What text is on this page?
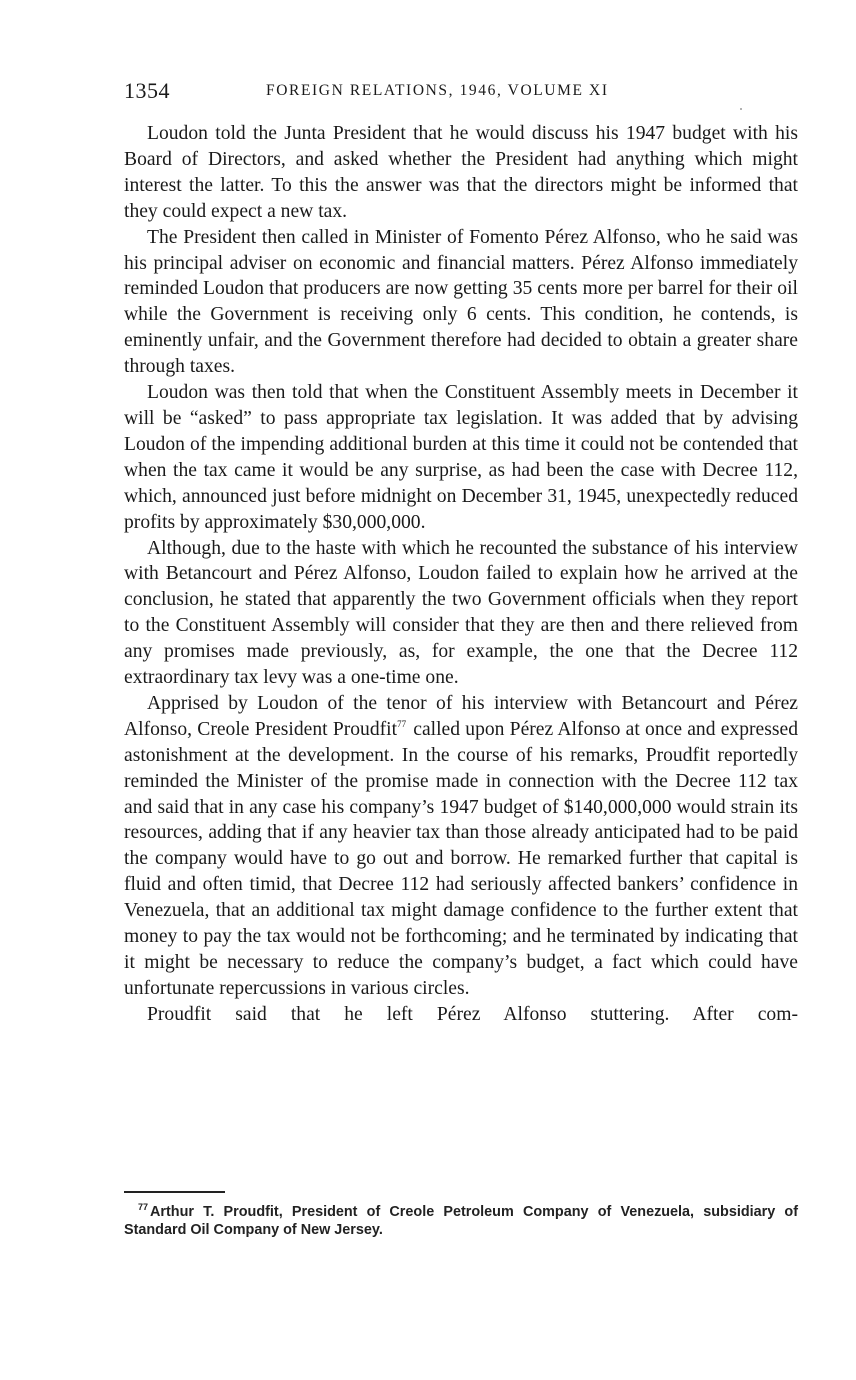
1354	FOREIGN RELATIONS, 1946, VOLUME XI

Loudon told the Junta President that he would discuss his 1947 budget with his Board of Directors, and asked whether the President had anything which might interest the latter. To this the answer was that the directors might be informed that they could expect a new tax.

The President then called in Minister of Fomento Pérez Alfonso, who he said was his principal adviser on economic and financial matters. Pérez Alfonso immediately reminded Loudon that producers are now getting 35 cents more per barrel for their oil while the Government is receiving only 6 cents. This condition, he contends, is eminently unfair, and the Government therefore had decided to obtain a greater share through taxes.

Loudon was then told that when the Constituent Assembly meets in December it will be “asked” to pass appropriate tax legislation. It was added that by advising Loudon of the impending additional burden at this time it could not be contended that when the tax came it would be any surprise, as had been the case with Decree 112, which, announced just before midnight on December 31, 1945, unexpectedly reduced profits by approximately $30,000,000.

Although, due to the haste with which he recounted the substance of his interview with Betancourt and Pérez Alfonso, Loudon failed to explain how he arrived at the conclusion, he stated that apparently the two Government officials when they report to the Constituent Assembly will consider that they are then and there relieved from any promises made previously, as, for example, the one that the Decree 112 extraordinary tax levy was a one-time one.

Apprised by Loudon of the tenor of his interview with Betancourt and Pérez Alfonso, Creole President Proudfit$^{77}$ called upon Pérez Alfonso at once and expressed astonishment at the development. In the course of his remarks, Proudfit reportedly reminded the Minister of the promise made in connection with the Decree 112 tax and said that in any case his company’s 1947 budget of $140,000,000 would strain its resources, adding that if any heavier tax than those already anticipated had to be paid the company would have to go out and borrow. He remarked further that capital is fluid and often timid, that Decree 112 had seriously affected bankers’ confidence in Venezuela, that an additional tax might damage confidence to the further extent that money to pay the tax would not be forthcoming; and he terminated by indicating that it might be necessary to reduce the company’s budget, a fact which could have unfortunate repercussions in various circles.

Proudfit said that he left Pérez Alfonso stuttering. After com-

$^{77}$ Arthur T. Proudfit, President of Creole Petroleum Company of Venezuela, subsidiary of Standard Oil Company of New Jersey.
